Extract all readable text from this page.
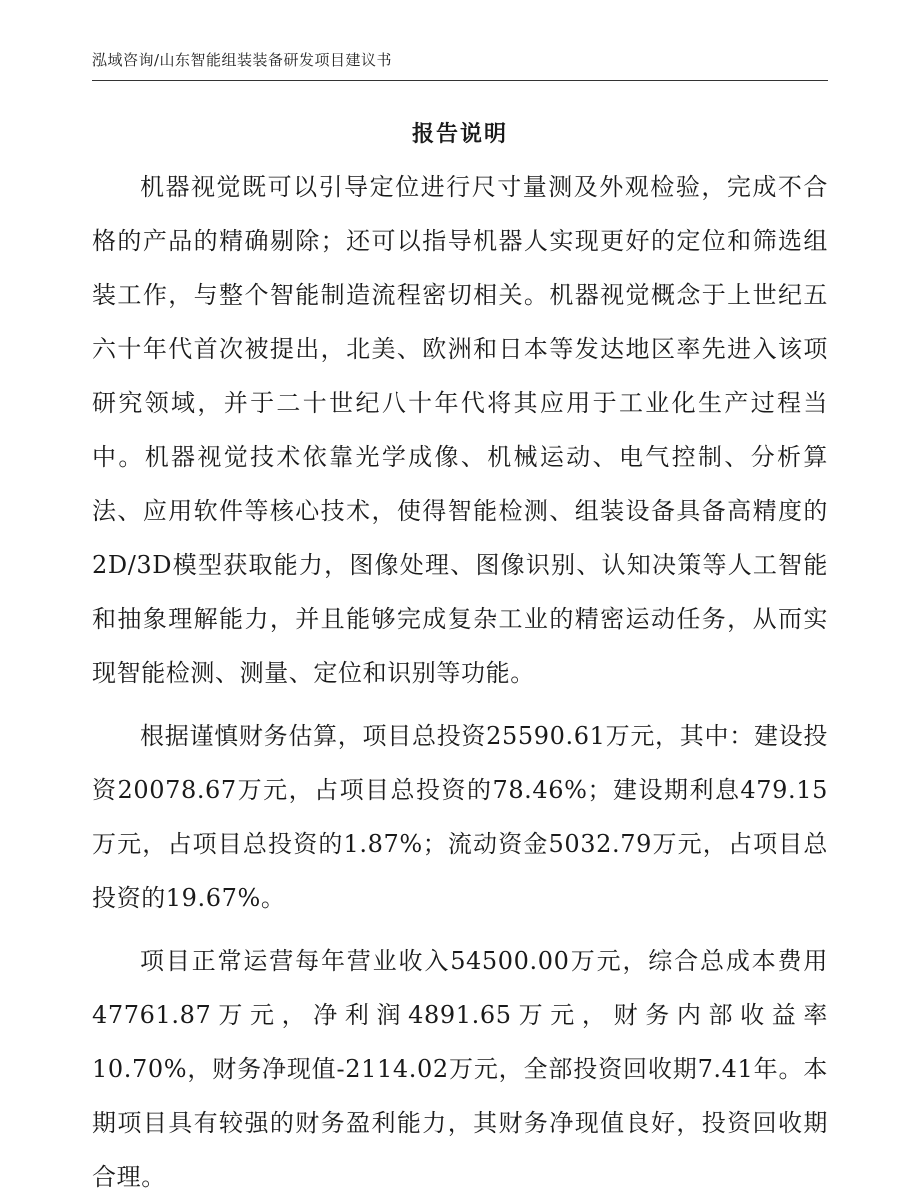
泓域咨询/山东智能组装装备研发项目建议书
报告说明

机器视觉既可以引导定位进行尺寸量测及外观检验，完成不合格的产品的精确剔除；还可以指导机器人实现更好的定位和筛选组装工作，与整个智能制造流程密切相关。机器视觉概念于上世纪五六十年代首次被提出，北美、欧洲和日本等发达地区率先进入该项研究领域，并于二十世纪八十年代将其应用于工业化生产过程当中。机器视觉技术依靠光学成像、机械运动、电气控制、分析算法、应用软件等核心技术，使得智能检测、组装设备具备高精度的2D/3D模型获取能力，图像处理、图像识别、认知决策等人工智能和抽象理解能力，并且能够完成复杂工业的精密运动任务，从而实现智能检测、测量、定位和识别等功能。

根据谨慎财务估算，项目总投资25590.61万元，其中：建设投资20078.67万元，占项目总投资的78.46%；建设期利息479.15万元，占项目总投资的1.87%；流动资金5032.79万元，占项目总投资的19.67%。

项目正常运营每年营业收入54500.00万元，综合总成本费用47761.87万元，净利润4891.65万元，财务内部收益率10.70%，财务净现值-2114.02万元，全部投资回收期7.41年。本期项目具有较强的财务盈利能力，其财务净现值良好，投资回收期合理。
